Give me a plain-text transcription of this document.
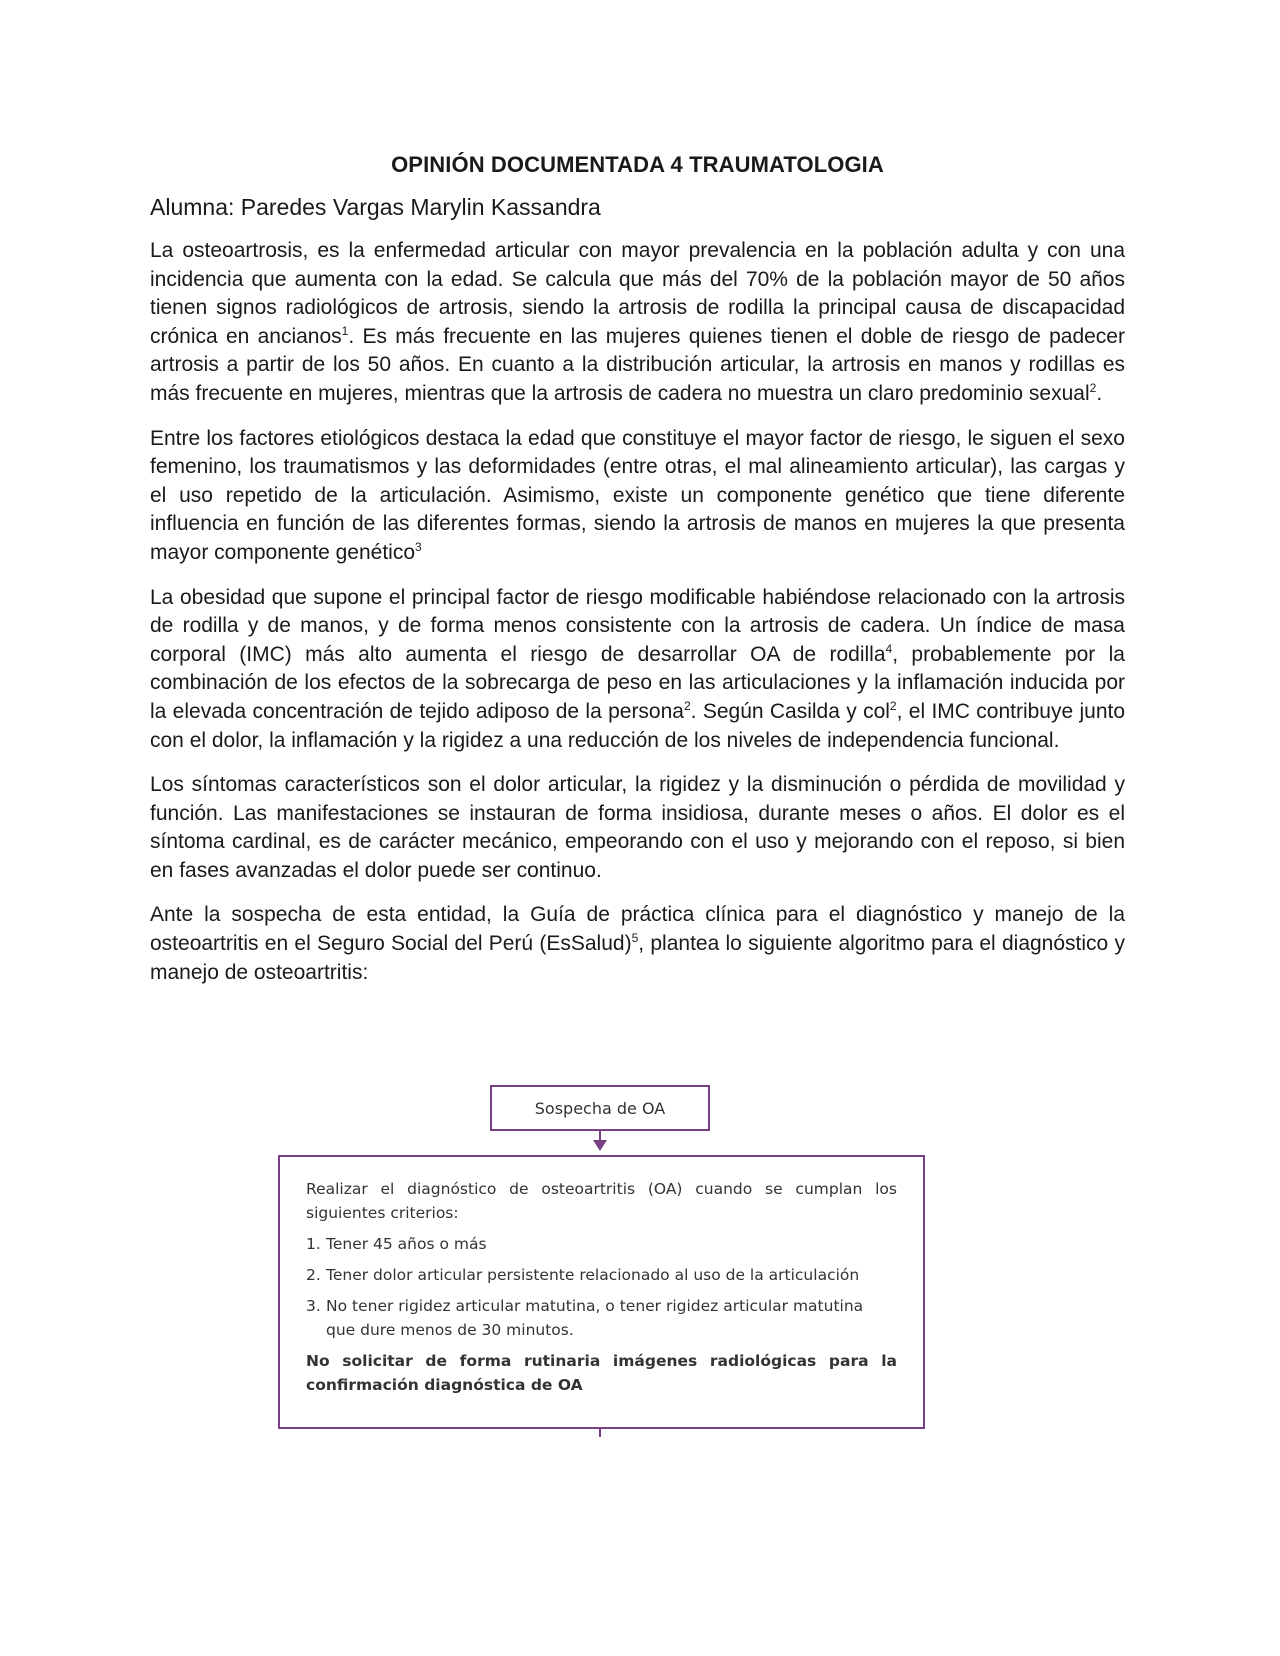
OPINIÓN DOCUMENTADA 4 TRAUMATOLOGIA
Alumna: Paredes Vargas Marylin Kassandra

La osteoartrosis, es la enfermedad articular con mayor prevalencia en la población adulta y con una incidencia que aumenta con la edad. Se calcula que más del 70% de la población mayor de 50 años tienen signos radiológicos de artrosis, siendo la artrosis de rodilla la principal causa de discapacidad crónica en ancianos$^1$. Es más frecuente en las mujeres quienes tienen el doble de riesgo de padecer artrosis a partir de los 50 años. En cuanto a la distribución articular, la artrosis en manos y rodillas es más frecuente en mujeres, mientras que la artrosis de cadera no muestra un claro predominio sexual$^2$.

Entre los factores etiológicos destaca la edad que constituye el mayor factor de riesgo, le siguen el sexo femenino, los traumatismos y las deformidades (entre otras, el mal alineamiento articular), las cargas y el uso repetido de la articulación. Asimismo, existe un componente genético que tiene diferente influencia en función de las diferentes formas, siendo la artrosis de manos en mujeres la que presenta mayor componente genético$^3$

La obesidad que supone el principal factor de riesgo modificable habiéndose relacionado con la artrosis de rodilla y de manos, y de forma menos consistente con la artrosis de cadera. Un índice de masa corporal (IMC) más alto aumenta el riesgo de desarrollar OA de rodilla$^4$, probablemente por la combinación de los efectos de la sobrecarga de peso en las articulaciones y la inflamación inducida por la elevada concentración de tejido adiposo de la persona$^2$. Según Casilda y col$^2$, el IMC contribuye junto con el dolor, la inflamación y la rigidez a una reducción de los niveles de independencia funcional.

Los síntomas característicos son el dolor articular, la rigidez y la disminución o pérdida de movilidad y función. Las manifestaciones se instauran de forma insidiosa, durante meses o años. El dolor es el síntoma cardinal, es de carácter mecánico, empeorando con el uso y mejorando con el reposo, si bien en fases avanzadas el dolor puede ser continuo.

Ante la sospecha de esta entidad, la Guía de práctica clínica para el diagnóstico y manejo de la osteoartritis en el Seguro Social del Perú (EsSalud)$^5$, plantea lo siguiente algoritmo para el diagnóstico y manejo de osteoartritis:

Sospecha de OA

Realizar el diagnóstico de osteoartritis (OA) cuando se cumplan los siguientes criterios:

1. Tener 45 años o más
2. Tener dolor articular persistente relacionado al uso de la articulación
3. No tener rigidez articular matutina, o tener rigidez articular matutina que dure menos de 30 minutos.

No solicitar de forma rutinaria imágenes radiológicas para la confirmación diagnóstica de OA
